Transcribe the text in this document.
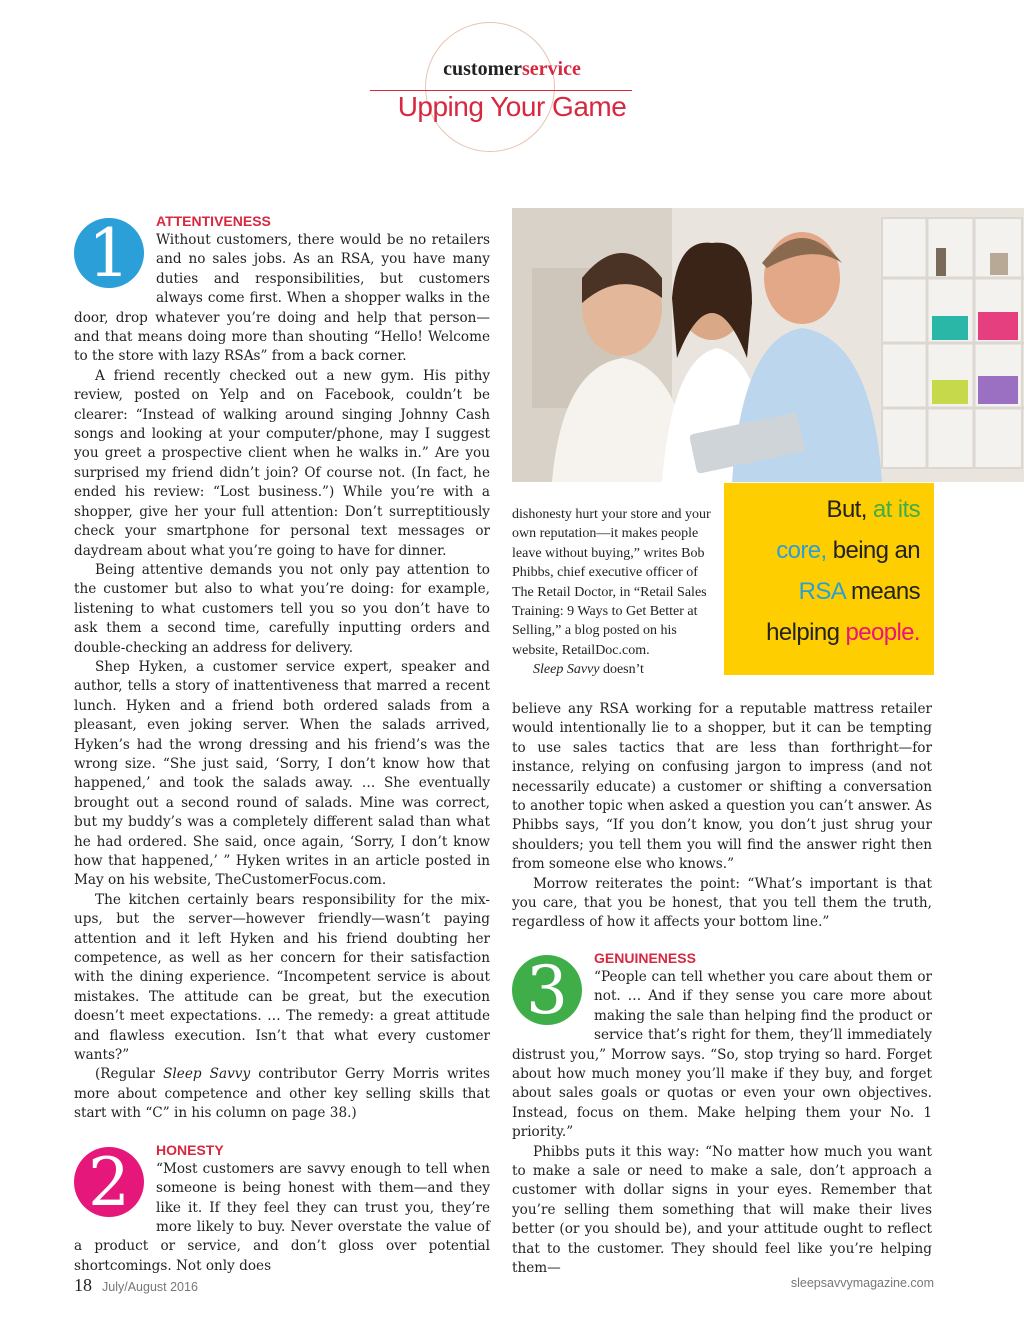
customerservice
Upping Your Game
1	ATTENTIVENESS

Without customers, there would be no retailers and no sales jobs. As an RSA, you have many duties and responsibilities, but customers always come first. When a shopper walks in the door, drop whatever you’re doing and help that person—and that means doing more than shouting “Hello! Welcome to the store with lazy RSAs” from a back corner.

A friend recently checked out a new gym. His pithy review, posted on Yelp and on Facebook, couldn’t be clearer: “Instead of walking around singing Johnny Cash songs and looking at your computer/phone, may I suggest you greet a prospective client when he walks in.” Are you surprised my friend didn’t join? Of course not. (In fact, he ended his review: “Lost business.”) While you’re with a shopper, give her your full attention: Don’t surreptitiously check your smartphone for personal text messages or daydream about what you’re going to have for dinner.

Being attentive demands you not only pay attention to the customer but also to what you’re doing: for example, listening to what customers tell you so you don’t have to ask them a second time, carefully inputting orders and double-checking an address for delivery.

Shep Hyken, a customer service expert, speaker and author, tells a story of inattentiveness that marred a recent lunch. Hyken and a friend both ordered salads from a pleasant, even joking server. When the salads arrived, Hyken’s had the wrong dressing and his friend’s was the wrong size. “She just said, ‘Sorry, I don’t know how that happened,’ and took the salads away. … She eventually brought out a second round of salads. Mine was correct, but my buddy’s was a completely different salad than what he had ordered. She said, once again, ‘Sorry, I don’t know how that happened,’ ” Hyken writes in an article posted in May on his website, TheCustomerFocus.com.

The kitchen certainly bears responsibility for the mix-ups, but the server—however friendly—wasn’t paying attention and it left Hyken and his friend doubting her competence, as well as her concern for their satisfaction with the dining experience. “Incompetent service is about mistakes. The attitude can be great, but the execution doesn’t meet expectations. … The remedy: a great attitude and flawless execution. Isn’t that what every customer wants?”

(Regular Sleep Savvy contributor Gerry Morris writes more about competence and other key selling skills that start with “C” in his column on page 38.)

2	HONESTY

“Most customers are savvy enough to tell when someone is being honest with them—and they like it. If they feel they can trust you, they’re more likely to buy. Never overstate the value of a product or service, and don’t gloss over potential shortcomings. Not only does

But, at its
core, being an
RSA means
helping people.

dishonesty hurt your store and your own reputation—it makes people leave without buying,” writes Bob Phibbs, chief executive officer of The Retail Doctor, in “Retail Sales Training: 9 Ways to Get Better at Selling,” a blog posted on his website, RetailDoc.com.

Sleep Savvy doesn’t

believe any RSA working for a reputable mattress retailer would intentionally lie to a shopper, but it can be tempting to use sales tactics that are less than forthright—for instance, relying on confusing jargon to impress (and not necessarily educate) a customer or shifting a conversation to another topic when asked a question you can’t answer. As Phibbs says, “If you don’t know, you don’t just shrug your shoulders; you tell them you will find the answer right then from someone else who knows.”

Morrow reiterates the point: “What’s important is that you care, that you be honest, that you tell them the truth, regardless of how it affects your bottom line.”

3	GENUINENESS

“People can tell whether you care about them or not. … And if they sense you care more about making the sale than helping find the product or service that’s right for them, they’ll immediately distrust you,” Morrow says. “So, stop trying so hard. Forget about how much money you’ll make if they buy, and forget about sales goals or quotas or even your own objectives. Instead, focus on them. Make helping them your No. 1 priority.”

Phibbs puts it this way: “No matter how much you want to make a sale or need to make a sale, don’t approach a customer with dollar signs in your eyes. Remember that you’re selling them something that will make their lives better (or you should be), and your attitude ought to reflect that to the customer. They should feel like you’re helping them—

18 July/August 2016	sleepsavvymagazine.com
